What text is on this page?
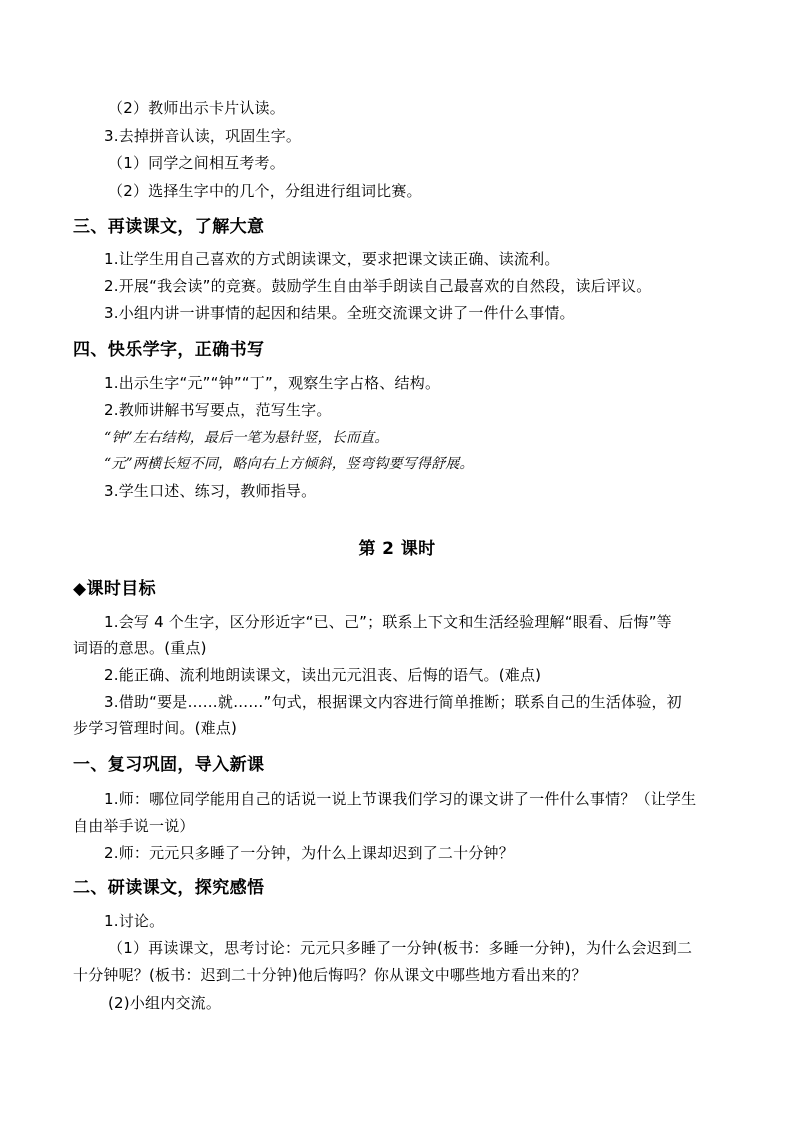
（2）教师出示卡片认读。
3.去掉拼音认读，巩固生字。
（1）同学之间相互考考。
（2）选择生字中的几个，分组进行组词比赛。
三、再读课文，了解大意
1.让学生用自己喜欢的方式朗读课文，要求把课文读正确、读流利。
2.开展“我会读”的竞赛。鼓励学生自由举手朗读自己最喜欢的自然段，读后评议。
3.小组内讲一讲事情的起因和结果。全班交流课文讲了一件什么事情。
四、快乐学字，正确书写
1.出示生字“元”“钟”“丁”，观察生字占格、结构。
2.教师讲解书写要点，范写生字。
“钟”左右结构，最后一笔为悬针竖，长而直。
“元”两横长短不同，略向右上方倾斜，竖弯钩要写得舒展。
3.学生口述、练习，教师指导。
第 2 课时
◆课时目标
1.会写 4 个生字，区分形近字“已、己”；联系上下文和生活经验理解“眼看、后悔”等
词语的意思。(重点)
2.能正确、流利地朗读课文，读出元元沮丧、后悔的语气。(难点)
3.借助“要是……就……”句式，根据课文内容进行简单推断；联系自己的生活体验，初
步学习管理时间。(难点)
一、复习巩固，导入新课
1.师：哪位同学能用自己的话说一说上节课我们学习的课文讲了一件什么事情？（让学生
自由举手说一说）
2.师：元元只多睡了一分钟，为什么上课却迟到了二十分钟？
二、研读课文，探究感悟
1.讨论。
（1）再读课文，思考讨论：元元只多睡了一分钟(板书：多睡一分钟)，为什么会迟到二
十分钟呢？(板书：迟到二十分钟)他后悔吗？你从课文中哪些地方看出来的？
(2)小组内交流。
